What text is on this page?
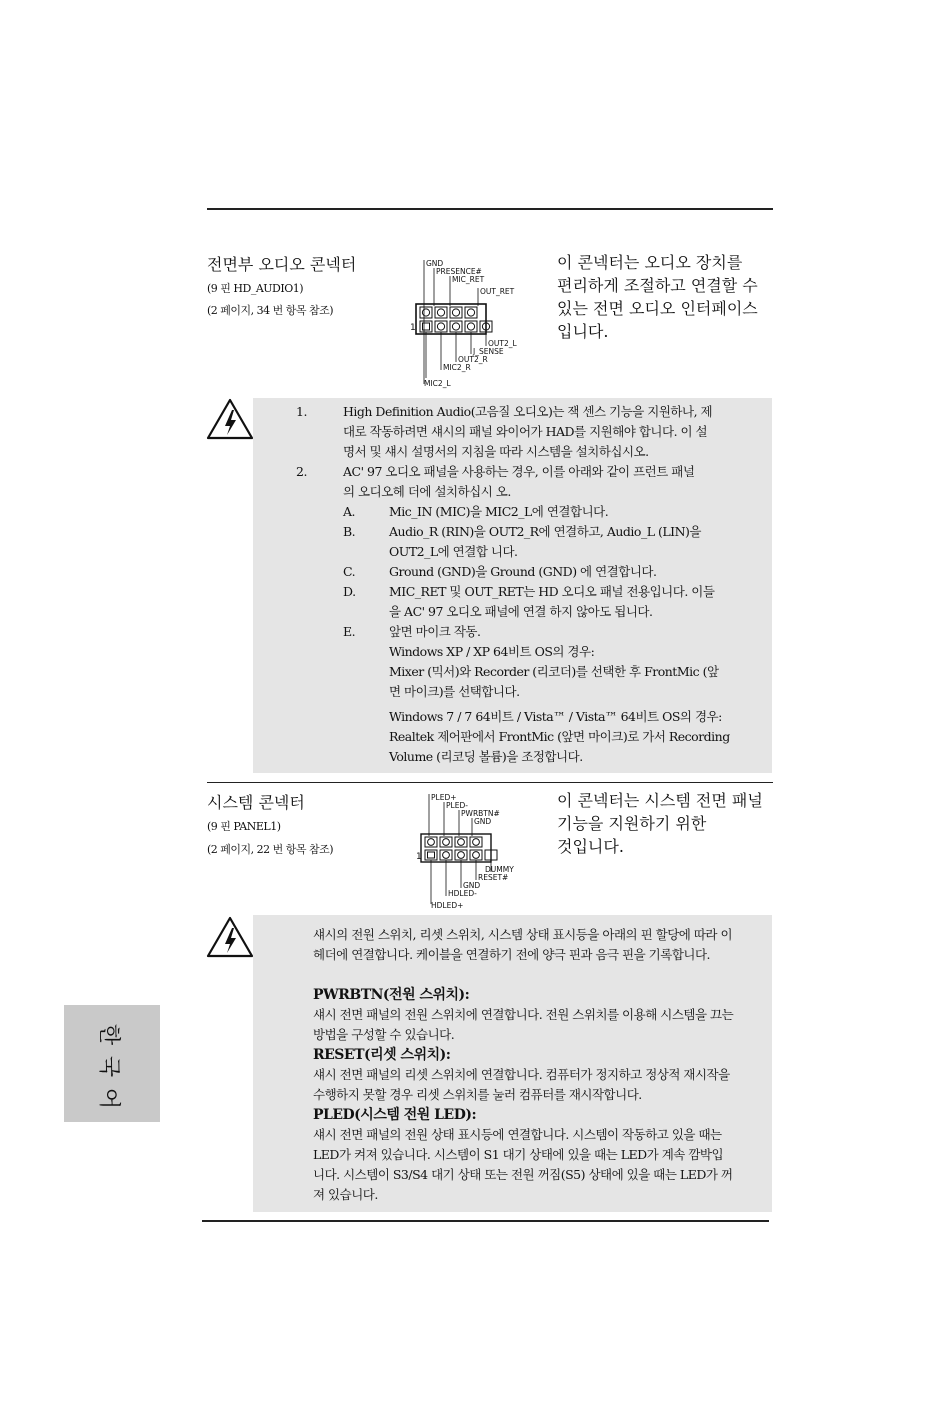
전면부 오디오 콘넥터
(9 핀 HD_AUDIO1)
(2 페이지, 34 번 항목 참조)
GND
PRESENCE#
MIC_RET
OUT_RET
1
OUT2_L
J_SENSE
OUT2_R
MIC2_R
MIC2_L
이 콘넥터는 오디오 장치를
편리하게 조절하고 연결할 수
있는 전면 오디오 인터페이스
입니다.
1.	High Definition Audio(고음질 오디오)는 잭 센스 기능을 지원하나, 제
대로 작동하려면 섀시의 패널 와이어가 HAD를 지원해야 합니다. 이 설
명서 및 섀시 설명서의 지침을 따라 시스템을 설치하십시오.
2.	AC' 97 오디오 패널을 사용하는 경우, 이를 아래와 같이 프런트 패널
의 오디오헤 더에 설치하십시 오.
A.	Mic_IN (MIC)을 MIC2_L에 연결합니다.
B.	Audio_R (RIN)을 OUT2_R에 연결하고, Audio_L (LIN)을
OUT2_L에 연결합 니다.
C.	Ground (GND)을 Ground (GND) 에 연결합니다.
D.	MIC_RET 및 OUT_RET는 HD 오디오 패널 전용입니다. 이들
을 AC' 97 오디오 패널에 연결 하지 않아도 됩니다.
E.	앞면 마이크 작동.
Windows XP / XP 64비트 OS의 경우:
Mixer (믹서)와 Recorder (리코더)를 선택한 후 FrontMic (앞
면 마이크)를 선택합니다.
Windows 7 / 7 64비트 / Vista™ / Vista™ 64비트 OS의 경우:
Realtek 제어판에서 FrontMic (앞면 마이크)로 가서 Recording
Volume (리코딩 볼륨)을 조정합니다.
시스템 콘넥터
(9 핀 PANEL1)
(2 페이지, 22 번 항목 참조)
PLED+
PLED-
PWRBTN#
GND
1
DUMMY
RESET#
GND
HDLED-
HDLED+
이 콘넥터는 시스템 전면 패널
기능을 지원하기 위한
것입니다.
섀시의 전원 스위치, 리셋 스위치, 시스템 상태 표시등을 아래의 핀 할당에 따라 이
헤더에 연결합니다. 케이블을 연결하기 전에 양극 핀과 음극 핀을 기록합니다.
PWRBTN(전원 스위치):
섀시 전면 패널의 전원 스위치에 연결합니다. 전원 스위치를 이용해 시스템을 끄는
방법을 구성할 수 있습니다.
RESET(리셋 스위치):
섀시 전면 패널의 리셋 스위치에 연결합니다. 컴퓨터가 정지하고 정상적 재시작을
수행하지 못할 경우 리셋 스위치를 눌러 컴퓨터를 재시작합니다.
PLED(시스템 전원 LED):
섀시 전면 패널의 전원 상태 표시등에 연결합니다. 시스템이 작동하고 있을 때는
LED가 켜져 있습니다. 시스템이 S1 대기 상태에 있을 때는 LED가 계속 깜박입
니다. 시스템이 S3/S4 대기 상태 또는 전원 꺼짐(S5) 상태에 있을 때는 LED가 꺼
져 있습니다.
한
국
어
